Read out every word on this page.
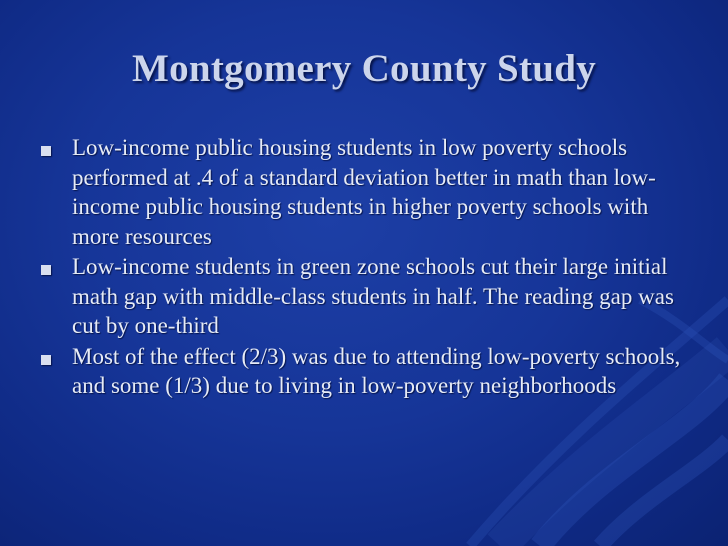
Montgomery County Study
Low-income public housing students in low poverty schools performed at .4 of a standard deviation better in math than low-income public housing students in higher poverty schools with more resources
Low-income students in green zone schools cut their large initial math gap with middle-class students in half. The reading gap was cut by one-third
Most of the effect (2/3) was due to attending low-poverty schools, and some (1/3) due to living in low-poverty neighborhoods
